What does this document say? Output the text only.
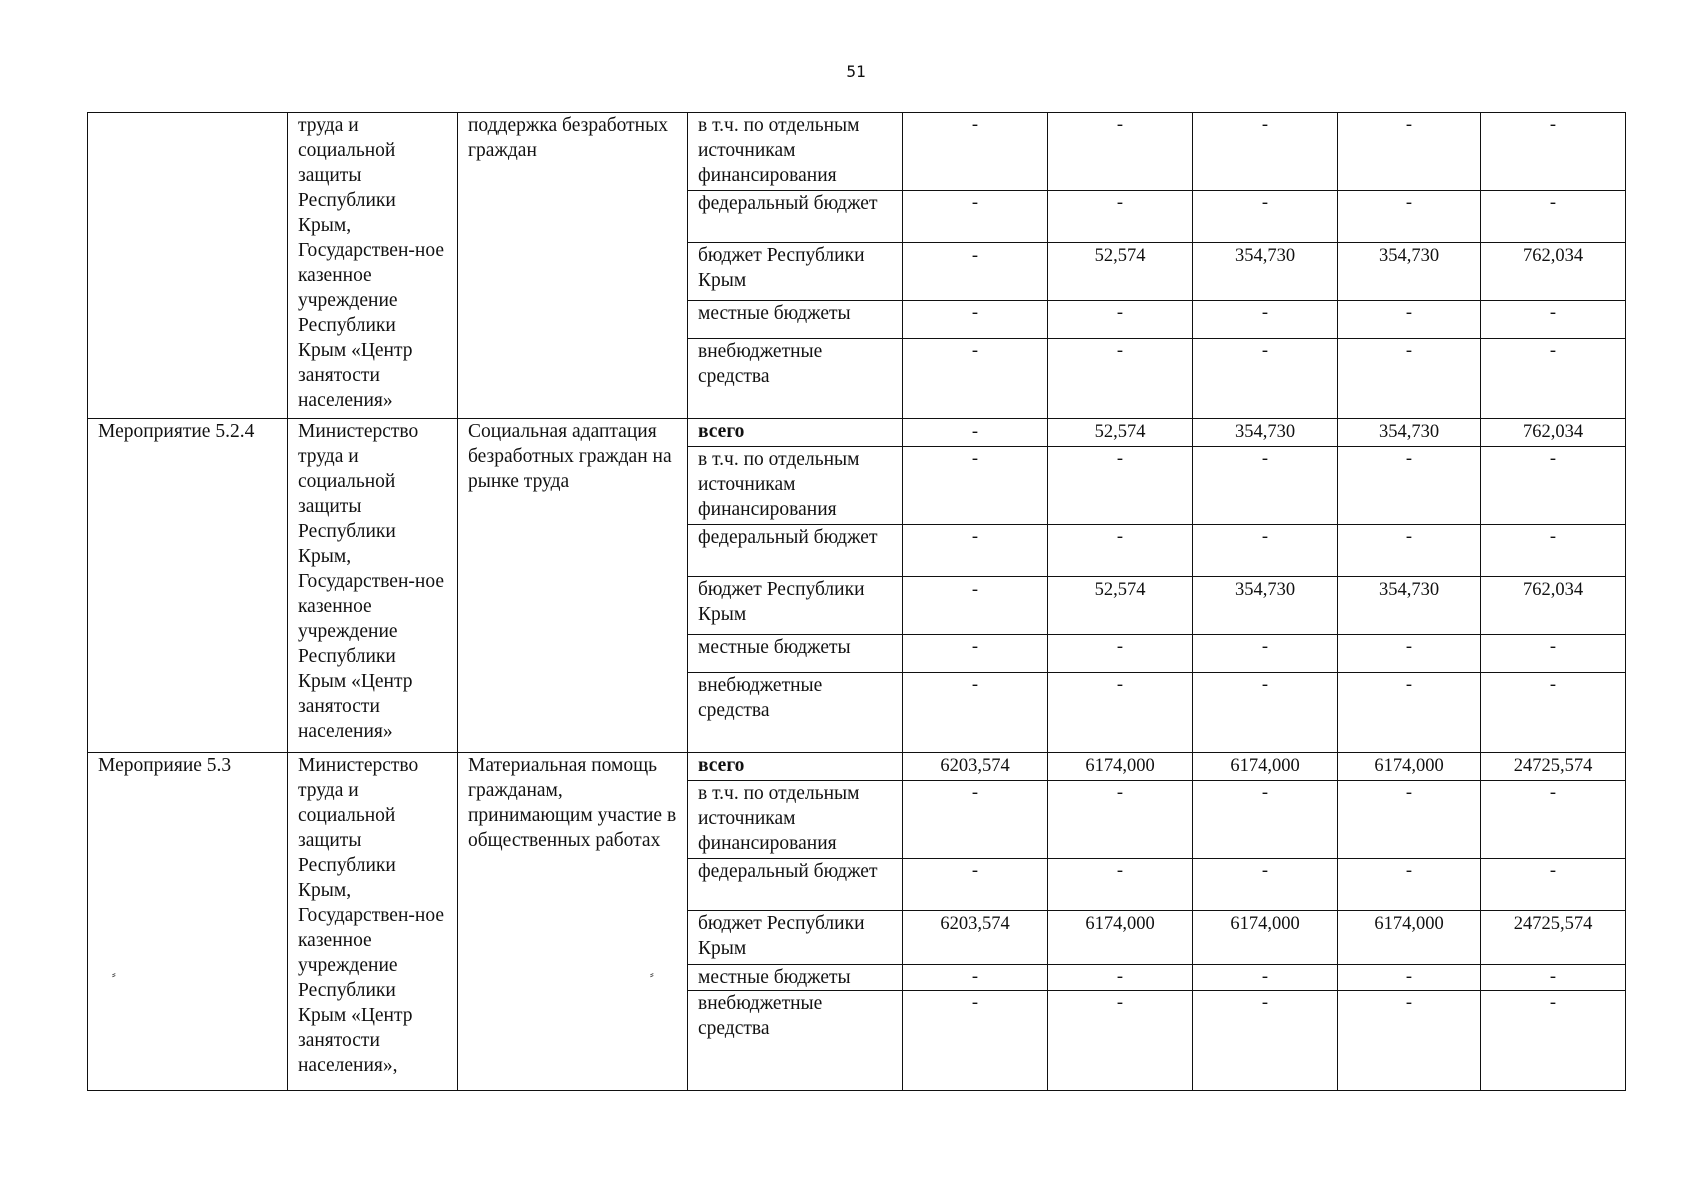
51
	труда и социальной защиты Республики Крым, Государствен-ное казенное учреждение Республики Крым «Центр занятости населения»	поддержка безработных граждан	в т.ч. по отдельным источникам финансирования	-	-	-	-	-
			федеральный бюджет	-	-	-	-	-
			бюджет Республики Крым	-	52,574	354,730	354,730	762,034
			местные бюджеты	-	-	-	-	-
			внебюджетные средства	-	-	-	-	-
Мероприятие 5.2.4	Министерство труда и социальной защиты Республики Крым, Государствен-ное казенное учреждение Республики Крым «Центр занятости населения»	Социальная адаптация безработных граждан на рынке труда	всего	-	52,574	354,730	354,730	762,034
			в т.ч. по отдельным источникам финансирования	-	-	-	-	-
			федеральный бюджет	-	-	-	-	-
			бюджет Республики Крым	-	52,574	354,730	354,730	762,034
			местные бюджеты	-	-	-	-	-
			внебюджетные средства	-	-	-	-	-
Мероприяие 5.3	Министерство труда и социальной защиты Республики Крым, Государствен-ное казенное учреждение Республики Крым «Центр занятости населения»,	Материальная помощь гражданам, принимающим участие в общественных работах	всего	6203,574	6174,000	6174,000	6174,000	24725,574
			в т.ч. по отдельным источникам финансирования	-	-	-	-	-
			федеральный бюджет	-	-	-	-	-
			бюджет Республики Крым	6203,574	6174,000	6174,000	6174,000	24725,574
			местные бюджеты	-	-	-	-	-
			внебюджетные средства	-	-	-	-	-
⸗	⸗
